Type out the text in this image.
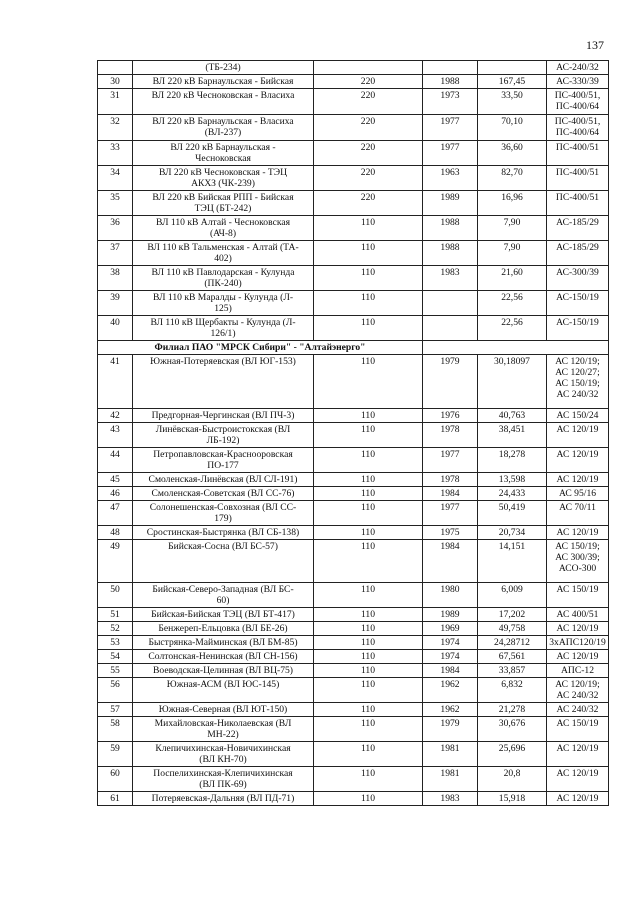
137
	(ТБ-234)				АС-240/32
30	ВЛ 220 кВ Барнаульская - Бийская	220	1988	167,45	АС-330/39
31	ВЛ 220 кВ Чесноковская - Власиха	220	1973	33,50	ПС-400/51,
ПС-400/64
32	ВЛ 220 кВ Барнаульская - Власиха
(ВЛ-237)	220	1977	70,10	ПС-400/51,
ПС-400/64
33	ВЛ 220 кВ Барнаульская -
Чесноковская	220	1977	36,60	ПС-400/51
34	ВЛ 220 кВ Чесноковская - ТЭЦ
АКХЗ (ЧК-239)	220	1963	82,70	ПС-400/51
35	ВЛ 220 кВ Бийская РПП - Бийская
ТЭЦ (БТ-242)	220	1989	16,96	ПС-400/51
36	ВЛ 110 кВ Алтай - Чесноковская
(АЧ-8)	110	1988	7,90	АС-185/29
37	ВЛ 110 кВ Тальменская - Алтай (ТА-
402)	110	1988	7,90	АС-185/29
38	ВЛ 110 кВ Павлодарская - Кулунда
(ПК-240)	110	1983	21,60	АС-300/39
39	ВЛ 110 кВ Маралды - Кулунда (Л-
125)	110		22,56	АС-150/19
40	ВЛ 110 кВ Щербакты - Кулунда (Л-
126/1)	110		22,56	АС-150/19
Филиал ПАО "МРСК Сибири" - "Алтайэнерго"					
41	Южная-Потеряевская (ВЛ ЮГ-153)	110	1979	30,18097	АС 120/19;
АС 120/27;
АС 150/19;
АС 240/32
42	Предгорная-Чергинская (ВЛ ПЧ-3)	110	1976	40,763	АС 150/24
43	Линёвская-Быстроистокская (ВЛ
ЛБ-192)	110	1978	38,451	АС 120/19
44	Петропавловская-Краснооровская
ПО-177	110	1977	18,278	АС 120/19
45	Смоленская-Линёвская (ВЛ СЛ-191)	110	1978	13,598	АС 120/19
46	Смоленская-Советская (ВЛ СС-76)	110	1984	24,433	АС 95/16
47	Солонешенская-Совхозная (ВЛ СС-
179)	110	1977	50,419	АС 70/11
48	Сростинская-Быстрянка (ВЛ СБ-138)	110	1975	20,734	АС 120/19
49	Бийская-Сосна (ВЛ БС-57)	110	1984	14,151	АС 150/19;
АС 300/39;
АСО-300
50	Бийская-Северо-Западная (ВЛ БС-
60)	110	1980	6,009	АС 150/19
51	Бийская-Бийская ТЭЦ (ВЛ БТ-417)	110	1989	17,202	АС 400/51
52	Бенжереп-Ельцовка (ВЛ БЕ-26)	110	1969	49,758	АС 120/19
53	Быстрянка-Майминская (ВЛ БМ-85)	110	1974	24,28712	3хАПС120/19
54	Солтонская-Ненинская (ВЛ СН-156)	110	1974	67,561	АС 120/19
55	Воеводская-Целинная (ВЛ ВЦ-75)	110	1984	33,857	АПС-12
56	Южная-АСМ (ВЛ ЮС-145)	110	1962	6,832	АС 120/19;
АС 240/32
57	Южная-Северная (ВЛ ЮТ-150)	110	1962	21,278	АС 240/32
58	Михайловская-Николаевская (ВЛ
МН-22)	110	1979	30,676	АС 150/19
59	Клепичихинская-Новичихинская
(ВЛ КН-70)	110	1981	25,696	АС 120/19
60	Поспелихинская-Клепичихинская
(ВЛ ПК-69)	110	1981	20,8	АС 120/19
61	Потеряевская-Дальняя (ВЛ ПД-71)	110	1983	15,918	АС 120/19
